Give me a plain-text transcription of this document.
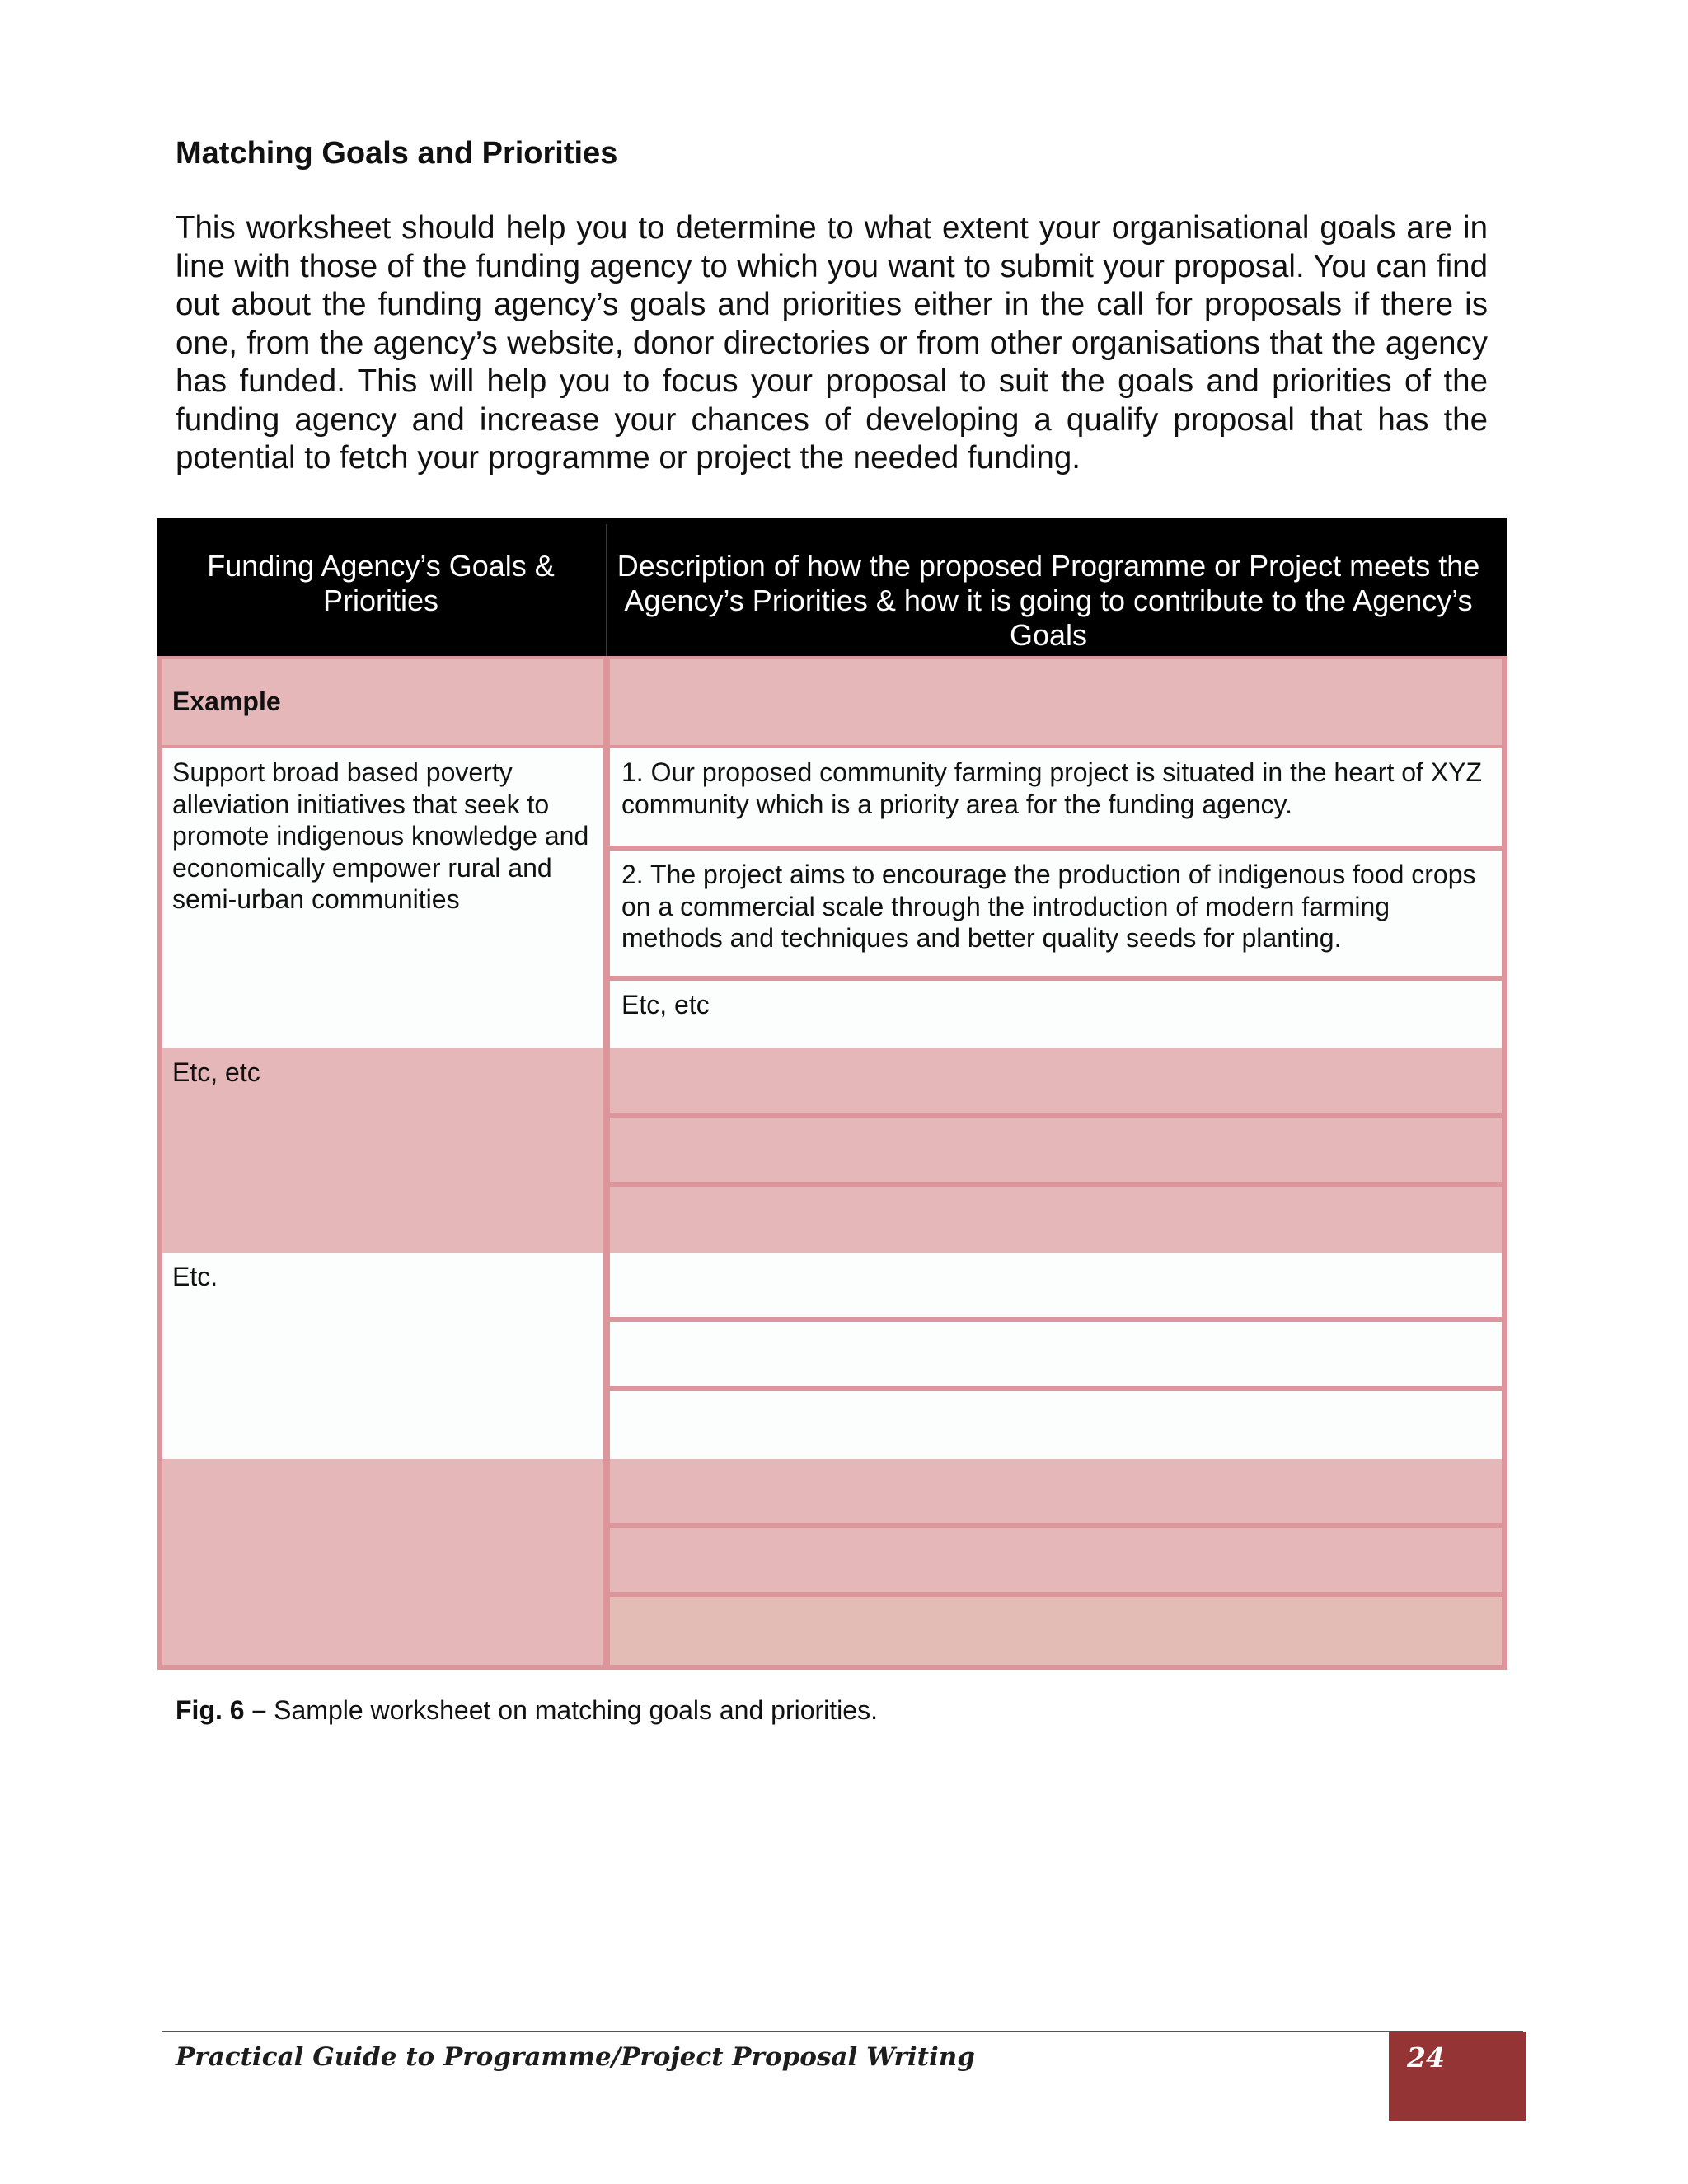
Matching Goals and Priorities
This worksheet should help you to determine to what extent your organisational goals are in line with those of the funding agency to which you want to submit your proposal. You can find out about the funding agency’s goals and priorities either in the call for proposals if there is one, from the agency’s website, donor directories or from other organisations that the agency has funded. This will help you to focus your proposal to suit the goals and priorities of the funding agency and increase your chances of developing a qualify proposal that has the potential to fetch your programme or project the needed funding.
Funding Agency’s Goals & Priorities
Description of how the proposed Programme or Project meets the Agency’s Priorities & how it is going to contribute to the Agency’s Goals
Example
Support broad based poverty alleviation initiatives that seek to promote indigenous knowledge and economically empower rural and semi-urban communities
1. Our proposed community farming project is situated in the heart of XYZ community which is a priority area for the funding agency.
2. The project aims to encourage the production of indigenous food crops on a commercial scale through the introduction of modern farming methods and techniques and better quality seeds for planting.
Etc, etc
Etc, etc
Etc.
Fig. 6 – Sample worksheet on matching goals and priorities.
Practical Guide to Programme/Project Proposal Writing	24
